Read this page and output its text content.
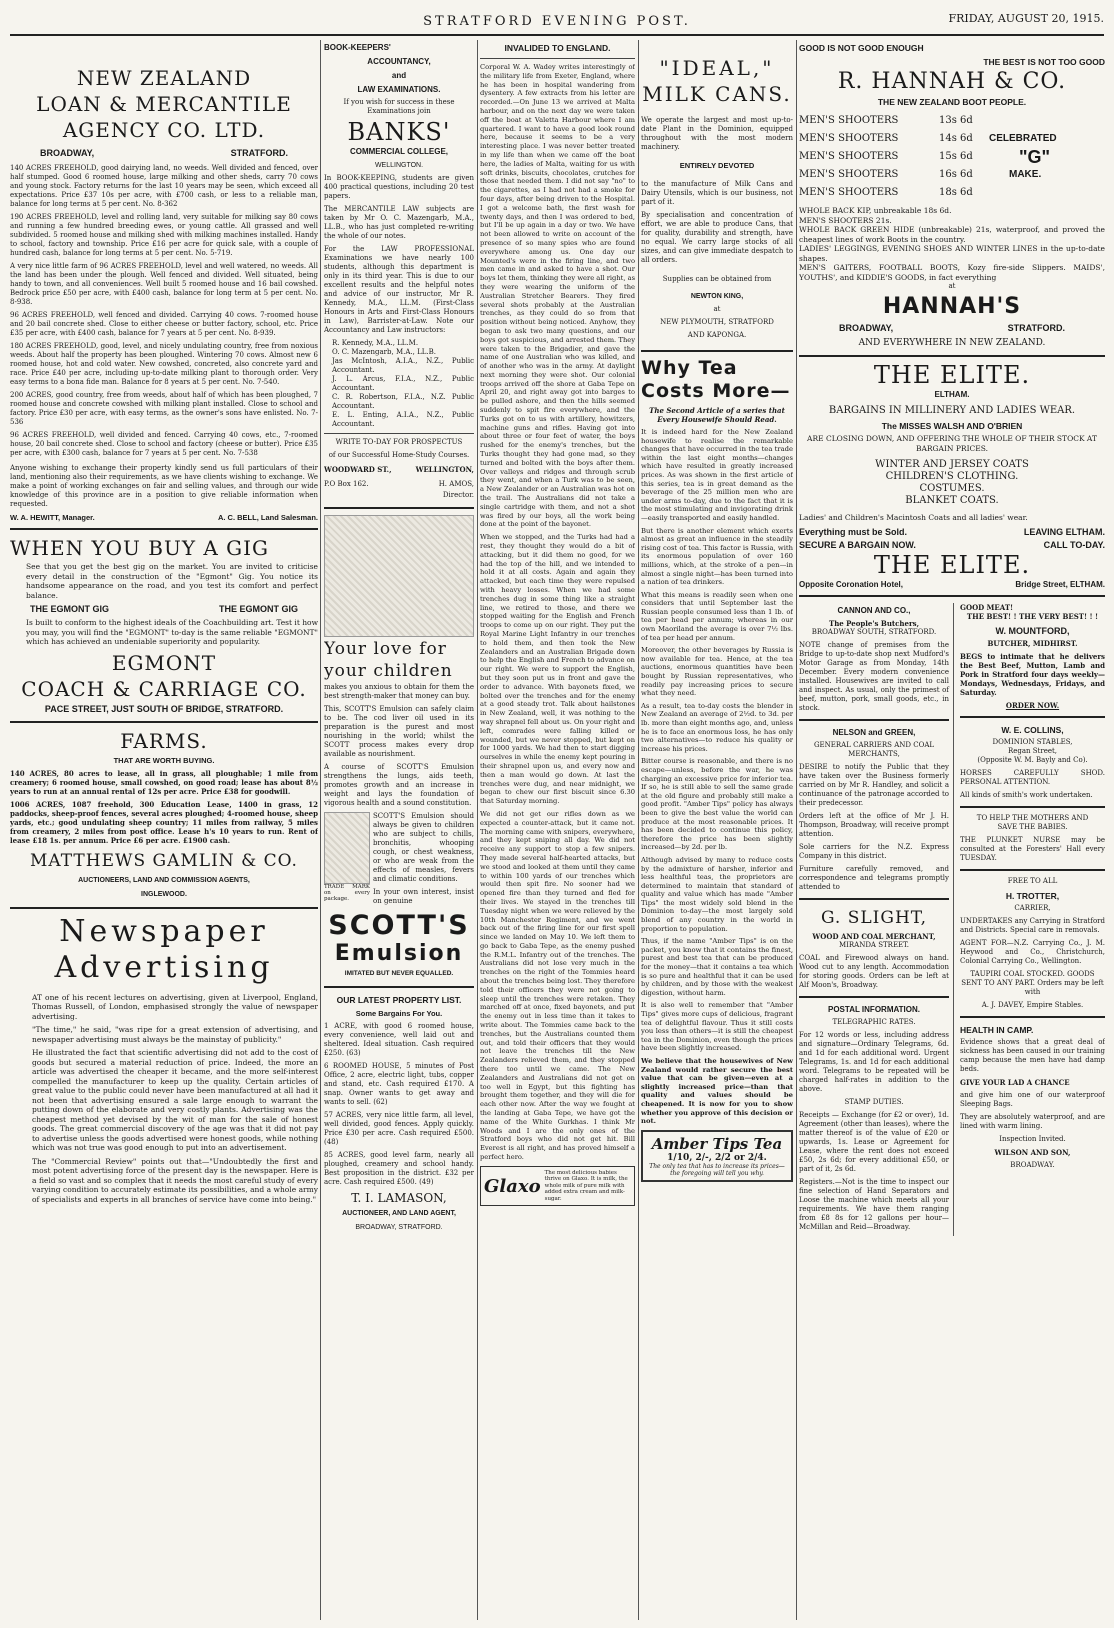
STRATFORD EVENING POST.	FRIDAY, AUGUST 20, 1915.
NEW ZEALAND
LOAN & MERCANTILE
AGENCY CO. LTD.
BROADWAY,	STRATFORD.

140 ACRES FREEHOLD, good dairying land, no weeds. Well divided and fenced, over half stumped. Good 6 roomed house, large milking and other sheds, carry 70 cows and young stock. Factory returns for the last 10 years may be seen, which exceed all expectations. Price £37 10s per acre, with £700 cash, or less to a reliable man, balance for long terms at 5 per cent. No. 8-362

190 ACRES FREEHOLD, level and rolling land, very suitable for milking say 80 cows and running a few hundred breeding ewes, or young cattle. All grassed and well subdivided. 5 roomed house and milking shed with milking machines installed. Handy to school, factory and township. Price £16 per acre for quick sale, with a couple of hundred cash, balance for long terms at 5 per cent. No. 5-719.

A very nice little farm of 96 ACRES FREEHOLD, level and well watered, no weeds. All the land has been under the plough. Well fenced and divided. Well situated, being handy to town, and all conveniences. Well built 5 roomed house and 16 bail cowshed. Bedrock price £50 per acre, with £400 cash, balance for long term at 5 per cent. No. 8-938.

96 ACRES FREEHOLD, well fenced and divided. Carrying 40 cows. 7-roomed house and 20 bail concrete shed. Close to either cheese or butter factory, school, etc. Price £35 per acre, with £400 cash, balance for 7 years at 5 per cent. No. 8-939.

180 ACRES FREEHOLD, good, level, and nicely undulating country, free from noxious weeds. About half the property has been ploughed. Wintering 70 cows. Almost new 6 roomed house, hot and cold water. New cowshed, concreted, also concrete yard and race. Price £40 per acre, including up-to-date milking plant to thorough order. Very easy terms to a bona fide man. Balance for 8 years at 5 per cent. No. 7-540.

200 ACRES, good country, free from weeds, about half of which has been ploughed, 7 roomed house and concrete cowshed with milking plant installed. Close to school and factory. Price £30 per acre, with easy terms, as the owner's sons have enlisted. No. 7-536

96 ACRES FREEHOLD, well divided and fenced. Carrying 40 cows, etc., 7-roomed house, 20 bail concrete shed. Close to school and factory (cheese or butter). Price £35 per acre, with £300 cash, balance for 7 years at 5 per cent. No. 7-538

Anyone wishing to exchange their property kindly send us full particulars of their land, mentioning also their requirements, as we have clients wishing to exchange. We make a point of working exchanges on fair and selling values, and through our wide knowledge of this province are in a position to give reliable information when requested.

W. A. HEWITT, Manager.	A. C. BELL, Land Salesman.
WHEN YOU BUY A GIG

See that you get the best gig on the market. You are invited to criticise every detail in the construction of the "Egmont" Gig. You notice its handsome appearance on the road, and you test its comfort and perfect balance.

THE EGMONT GIG	THE EGMONT GIG

Is built to conform to the highest ideals of the Coachbuilding art. Test it how you may, you will find the "EGMONT" to-day is the same reliable "EGMONT" which has achieved an undeniable superiority and popularity.

EGMONT
COACH & CARRIAGE CO.
PACE STREET, JUST SOUTH OF BRIDGE, STRATFORD.
FARMS.
THAT ARE WORTH BUYING.

140 ACRES, 80 acres to lease, all in grass, all ploughable; 1 mile from creamery; 6 roomed house, small cowshed, on good road; lease has about 8½ years to run at an annual rental of 12s per acre. Price £38 for goodwill.

1006 ACRES, 1087 freehold, 300 Education Lease, 1400 in grass, 12 paddocks, sheep-proof fences, several acres ploughed; 4-roomed house, sheep yards, etc.; good undulating sheep country; 11 miles from railway, 5 miles from creamery, 2 miles from post office. Lease h's 10 years to run. Rent of lease £18 1s. per annum. Price £6 per acre. £1900 cash.

MATTHEWS GAMLIN & CO.
AUCTIONEERS, LAND AND COMMISSION AGENTS,
INGLEWOOD.
Newspaper
Advertising

AT one of his recent lectures on advertising, given at Liverpool, England, Thomas Russell, of London, emphasised strongly the value of newspaper advertising.

"The time," he said, "was ripe for a great extension of advertising, and newspaper advertising must always be the mainstay of publicity."

He illustrated the fact that scientific advertising did not add to the cost of goods but secured a material reduction of price. Indeed, the more an article was advertised the cheaper it became, and the more self-interest compelled the manufacturer to keep up the quality. Certain articles of great value to the public could never have been manufactured at all had it not been that advertising ensured a sale large enough to warrant the putting down of the elaborate and very costly plants. Advertising was the cheapest method yet devised by the wit of man for the sale of honest goods. The great commercial discovery of the age was that it did not pay to advertise unless the goods advertised were honest goods, while nothing which was not true was good enough to put into an advertisement.

The "Commercial Review" points out that—"Undoubtedly the first and most potent advertising force of the present day is the newspaper. Here is a field so vast and so complex that it needs the most careful study of every varying condition to accurately estimate its possibilities, and a whole army of specialists and experts in all branches of service have come into being."

BOOK-KEEPERS'
ACCOUNTANCY,
and
LAW EXAMINATIONS.

If you wish for success in these Examinations join

BANKS'
COMMERCIAL COLLEGE,
WELLINGTON.

In BOOK-KEEPING, students are given 400 practical questions, including 20 test papers.

The MERCANTILE LAW subjects are taken by Mr O. C. Mazengarb, M.A., LL.B., who has just completed re-writing the whole of our notes.

For the LAW PROFESSIONAL Examinations we have nearly 100 students, although this department is only in its third year. This is due to our excellent results and the helpful notes and advice of our instructor, Mr R. Kennedy, M.A., LL.M. (First-Class Honours in Arts and First-Class Honours in Law), Barrister-at-Law. Note our Accountancy and Law instructors:

R. Kennedy, M.A., LL.M.

O. C. Mazengarb, M.A., LL.B.

Jas McIntosh, A.I.A., N.Z., Public Accountant.

J. L. Arcus, F.I.A., N.Z., Public Accountant.

C. R. Robertson, F.I.A., N.Z. Public Accountant.

E. L. Enting, A.I.A., N.Z., Public Accountant.

WRITE TO-DAY FOR PROSPECTUS

of our Successful Home-Study Courses.

WOODWARD ST.,	WELLINGTON,
P.O Box 162.	H. AMOS,
Director.
Your love for
your children

makes you anxious to obtain for them the best strength-maker that money can buy.

This, SCOTT'S Emulsion can safely claim to be. The cod liver oil used in its preparation is the purest and most nourishing in the world; whilst the SCOTT process makes every drop available as nourishment.

A course of SCOTT'S Emulsion strengthens the lungs, aids teeth, promotes growth and an increase in weight and lays the foundation of vigorous health and a sound constitution.

TRADE MARK on every package.

SCOTT'S Emulsion should always be given to children who are subject to chills, bronchitis, whooping cough, or chest weakness, or who are weak from the effects of measles, fevers and climatic conditions.

In your own interest, insist on genuine

SCOTT'S
Emulsion
IMITATED BUT NEVER EQUALLED.
OUR LATEST PROPERTY LIST.
Some Bargains For You.

1 ACRE, with good 6 roomed house, every convenience, well laid out and sheltered. Ideal situation. Cash required £250. (63)

6 ROOMED HOUSE, 5 minutes of Post Office, 2 acre, electric light, tubs, copper and stand, etc. Cash required £170. A snap. Owner wants to get away and wants to sell. (62)

57 ACRES, very nice little farm, all level, well divided, good fences. Apply quickly. Price £30 per acre. Cash required £500. (48)

85 ACRES, good level farm, nearly all ploughed, creamery and school handy. Best proposition in the district. £32 per acre. Cash required £500. (49)

T. I. LAMASON,
AUCTIONEER, AND LAND AGENT,
BROADWAY, STRATFORD.
INVALIDED TO ENGLAND.

Corporal W. A. Wadey writes interestingly of the military life from Exeter, England, where he has been in hospital wandering from dysentery. A few extracts from his letter are recorded.—On June 13 we arrived at Malta harbour, and on the next day we were taken off the boat at Valetta Harbour where I am quartered. I want to have a good look round here, because it seems to be a very interesting place. I was never better treated in my life than when we came off the boat here, the ladies of Malta, waiting for us with soft drinks, biscuits, chocolates, crutches for those that needed them. I did not say "no" to the cigarettes, as I had not had a smoke for four days, after being driven to the Hospital. I got a welcome bath, the first wash for twenty days, and then I was ordered to bed, but I'll be up again in a day or two. We have not been allowed to write on account of the presence of so many spies who are found everywhere among us. One day our Mounted's were in the firing line, and two men came in and asked to have a shot. Our boys let them, thinking they were all right, as they were wearing the uniform of the Australian Stretcher Bearers. They fired several shots probably at the Australian trenches, as they could do so from that position without being noticed. Anyhow, they began to ask two many questions, and our boys got suspicious, and arrested them. They were taken to the Brigadier, and gave the name of one Australian who was killed, and of another who was in the army. At daylight next morning they were shot. Our colonial troops arrived off the shore at Gaba Tepe on April 20, and right away got into barges to be pulled ashore, and then the hills seemed suddenly to spit fire everywhere, and the Turks got on to us with artillery, howitzers, machine guns and rifles. Having got into about three or four feet of water, the boys rushed for the enemy's trenches, but the Turks thought they had gone mad, so they turned and bolted with the boys after them. Over valleys and ridges and through scrub they went, and when a Turk was to be seen, a New Zealander or an Australian was hot on the trail. The Australians did not take a single cartridge with them, and not a shot was fired by our boys, all the work being done at the point of the bayonet.

When we stopped, and the Turks had had a rest, they thought they would do a bit of attacking, but it did them no good, for we had the top of the hill, and we intended to hold it at all costs. Again and again they attacked, but each time they were repulsed with heavy losses. When we had some trenches dug in some thing like a straight line, we retired to those, and there we stopped waiting for the English and French troops to come up on our right. They put the Royal Marine Light Infantry in our trenches to hold them, and then took the New Zealanders and an Australian Brigade down to help the English and French to advance on our right. We were to support the English, but they soon put us in front and gave the order to advance. With bayonets fixed, we bolted over the trenches and for the enemy at a good steady trot. Talk about hailstones in New Zealand, well, it was nothing to the way shrapnel fell about us. On your right and left, comrades were falling killed or wounded, but we never stopped, but kept on for 1000 yards. We had then to start digging ourselves in while the enemy kept pouring in their shrapnel upon us, and every now and then a man would go down. At last the trenches were dug, and near midnight, we began to chew our first biscuit since 6.30 that Saturday morning.

We did not get our rifles down as we expected a counter-attack, but it came not. The morning came with snipers, everywhere, and they kept sniping all day. We did not receive any support to stop a few snipers. They made several half-hearted attacks, but we stood and looked at them until they came to within 100 yards of our trenches which would then spit fire. No sooner had we opened fire than they turned and fled for their lives. We stayed in the trenches till Tuesday night when we were relieved by the 10th Manchester Regiment, and we went back out of the firing line for our first spell since we landed on May 10. We left them to go back to Gaba Tepe, as the enemy pushed the R.M.L. Infantry out of the trenches. The Australians did not lose very much in the trenches on the right of the Tommies heard about the trenches being lost. They therefore told their officers they were not going to sleep until the trenches were retaken. They marched off at once, fixed bayonets, and put the enemy out in less time than it takes to write about. The Tommies came back to the trenches, but the Australians counted them out, and told their officers that they would not leave the trenches till the New Zealanders relieved them, and they stopped there too until we came. The New Zealanders and Australians did not get on too well in Egypt, but this fighting has brought them together, and they will die for each other now. After the way we fought at the landing at Gaba Tepe, we have got the name of the White Gurkhas. I think Mr Woods and I are the only ones of the Stratford boys who did not get hit. Bill Everest is all right, and has proved himself a perfect hero.

Glaxo
The most delicious babies thrive on Glaxo. It is milk, the whole milk of pure milk with added extra cream and milk-sugar.
"IDEAL,"
MILK CANS.

We operate the largest and most up-to-date Plant in the Dominion, equipped throughout with the most modern machinery.

ENTIRELY DEVOTED

to the manufacture of Milk Cans and Dairy Utensils, which is our business, not part of it.

By specialisation and concentration of effort, we are able to produce Cans, that for quality, durability and strength, have no equal. We carry large stocks of all sizes, and can give immediate despatch to all orders.

Supplies can be obtained from

NEWTON KING,

at

NEW PLYMOUTH, STRATFORD

AND KAPONGA.

Why Tea
Costs More—

The Second Article of a series that Every Housewife Should Read.

It is indeed hard for the New Zealand housewife to realise the remarkable changes that have occurred in the tea trade within the last eight months—changes which have resulted in greatly increased prices. As was shown in the first article of this series, tea is in great demand as the beverage of the 25 million men who are under arms to-day, due to the fact that it is the most stimulating and invigorating drink—easily transported and easily handled.

But there is another element which exerts almost as great an influence in the steadily rising cost of tea. This factor is Russia, with its enormous population of over 160 millions, which, at the stroke of a pen—in almost a single night—has been turned into a nation of tea drinkers.

What this means is readily seen when one considers that until September last the Russian people consumed less than 1 lb. of tea per head per annum; whereas in our own Maoriland the average is over 7½ lbs. of tea per head per annum.

Moreover, the other beverages by Russia is now available for tea. Hence, at the tea auctions, enormous quantities have been bought by Russian representatives, who readily pay increasing prices to secure what they need.

As a result, tea to-day costs the blender in New Zealand an average of 2½d. to 3d. per lb. more than eight months ago, and, unless he is to face an enormous loss, he has only two alternatives—to reduce his quality or increase his prices.

Bitter course is reasonable, and there is no escape—unless, before the war, he was charging an excessive price for inferior tea. If so, he is still able to sell the same grade at the old figure and probably still make a good profit. "Amber Tips" policy has always been to give the best value the world can produce at the most reasonable prices. It has been decided to continue this policy, therefore the price has been slightly increased—by 2d. per lb.

Although advised by many to reduce costs by the admixture of harsher, inferior and less healthful teas, the proprietors are determined to maintain that standard of quality and value which has made "Amber Tips" the most widely sold blend in the Dominion to-day—the most largely sold blend of any country in the world in proportion to population.

Thus, if the name "Amber Tips" is on the packet, you know that it contains the finest, purest and best tea that can be produced for the money—that it contains a tea which is so pure and healthful that it can be used by children, and by those with the weakest digestion, without harm.

It is also well to remember that "Amber Tips" gives more cups of delicious, fragrant tea of delightful flavour. Thus it still costs you less than others—it is still the cheapest tea in the Dominion, even though the prices have been slightly increased.

We believe that the housewives of New Zealand would rather secure the best value that can be given—even at a slightly increased price—than that quality and values should be cheapened. It is now for you to show whether you approve of this decision or not.

Amber Tips Tea
1/10, 2/-, 2/2 or 2/4.
The only tea that has to increase its prices—the foregoing will tell you why.
GOOD IS NOT GOOD ENOUGH
THE BEST IS NOT TOO GOOD
R. HANNAH & CO.
THE NEW ZEALAND BOOT PEOPLE.
MEN'S SHOOTERS	13s 6d
MEN'S SHOOTERS	14s 6d	CELEBRATED
MEN'S SHOOTERS	15s 6d	"G"
MEN'S SHOOTERS	16s 6d	MAKE.
MEN'S SHOOTERS	18s 6d

WHOLE BACK KIP, unbreakable 18s 6d.

MEN'S SHOOTERS 21s.

WHOLE BACK GREEN HIDE (unbreakable) 21s, waterproof, and proved the cheapest lines of work Boots in the country.

LADIES' LEGGINGS, EVENING SHOES AND WINTER LINES in the up-to-date shapes.

MEN'S GAITERS, FOOTBALL BOOTS, Kozy fire-side Slippers. MAIDS', YOUTHS', and KIDDIE'S GOODS, in fact everything

at

HANNAH'S
BROADWAY,	STRATFORD.
AND EVERYWHERE IN NEW ZEALAND.
THE ELITE.
ELTHAM.
BARGAINS IN MILLINERY AND LADIES WEAR.
The MISSES WALSH AND O'BRIEN

ARE CLOSING DOWN, AND OFFERING THE WHOLE OF THEIR STOCK AT BARGAIN PRICES.

WINTER AND JERSEY COATS
CHILDREN'S CLOTHING.
COSTUMES.
BLANKET COATS.

Ladies' and Children's Macintosh Coats and all ladies' wear.

Everything must be Sold.	LEAVING ELTHAM.
SECURE A BARGAIN NOW.	CALL TO-DAY.
THE ELITE.
Opposite Coronation Hotel,	Bridge Street, ELTHAM.
CANNON AND CO.,

The People's Butchers,

BROADWAY SOUTH, STRATFORD.

NOTE change of premises from the Bridge to up-to-date shop next Mudford's Motor Garage as from Monday, 14th December. Every modern convenience installed. Housewives are invited to call and inspect. As usual, only the primest of beef, mutton, pork, small goods, etc., in stock.

NELSON and GREEN,

GENERAL CARRIERS AND COAL MERCHANTS,

DESIRE to notify the Public that they have taken over the Business formerly carried on by Mr R. Handley, and solicit a continuance of the patronage accorded to their predecessor.

Orders left at the office of Mr J. H. Thompson, Broadway, will receive prompt attention.

Sole carriers for the N.Z. Express Company in this district.

Furniture carefully removed, and correspondence and telegrams promptly attended to

G. SLIGHT,

WOOD AND COAL MERCHANT,

MIRANDA STREET.

COAL and Firewood always on hand. Wood cut to any length. Accommodation for storing goods. Orders can be left at Alf Moon's, Broadway.

POSTAL INFORMATION.

TELEGRAPHIC RATES.

For 12 words or less, including address and signature—Ordinary Telegrams, 6d. and 1d for each additional word. Urgent Telegrams, 1s. and 1d for each additional word. Telegrams to be repeated will be charged half-rates in addition to the above.

STAMP DUTIES.

Receipts — Exchange (for £2 or over), 1d. Agreement (other than leases), where the matter thereof is of the value of £20 or upwards, 1s. Lease or Agreement for Lease, where the rent does not exceed £50, 2s 6d; for every additional £50, or part of it, 2s 6d.

Registers.—Not is the time to inspect our fine selection of Hand Separators and Loose the machine which meets all your requirements. We have them ranging from £8 8s for 12 gallons per hour—McMillan and Reid—Broadway.

GOOD MEAT!

THE BEST! ! THE VERY BEST! ! !

W. MOUNTFORD,

BUTCHER, MIDHIRST.

BEGS to intimate that he delivers the Best Beef, Mutton, Lamb and Pork in Stratford four days weekly—Mondays, Wednesdays, Fridays, and Saturday.

ORDER NOW.

W. E. COLLINS,

DOMINION STABLES,

Regan Street,

(Opposite W. M. Bayly and Co).

HORSES CAREFULLY SHOD. PERSONAL ATTENTION.

All kinds of smith's work undertaken.

TO HELP THE MOTHERS AND

SAVE THE BABIES.

THE PLUNKET NURSE may be consulted at the Foresters' Hall every TUESDAY.

FREE TO ALL

H. TROTTER,

CARRIER,

UNDERTAKES any Carrying in Stratford and Districts. Special care in removals.

AGENT FOR—N.Z. Carrying Co., J. M. Heywood and Co., Christchurch, Colonial Carrying Co., Wellington.

TAUPIRI COAL STOCKED. GOODS SENT TO ANY PART. Orders may be left with

A. J. DAVEY, Empire Stables.

HEALTH IN CAMP.

Evidence shows that a great deal of sickness has been caused in our training camp because the men have had damp beds.

GIVE YOUR LAD A CHANCE

and give him one of our waterproof Sleeping Bags.

They are absolutely waterproof, and are lined with warm lining.

Inspection Invited.

WILSON AND SON,

BROADWAY.
